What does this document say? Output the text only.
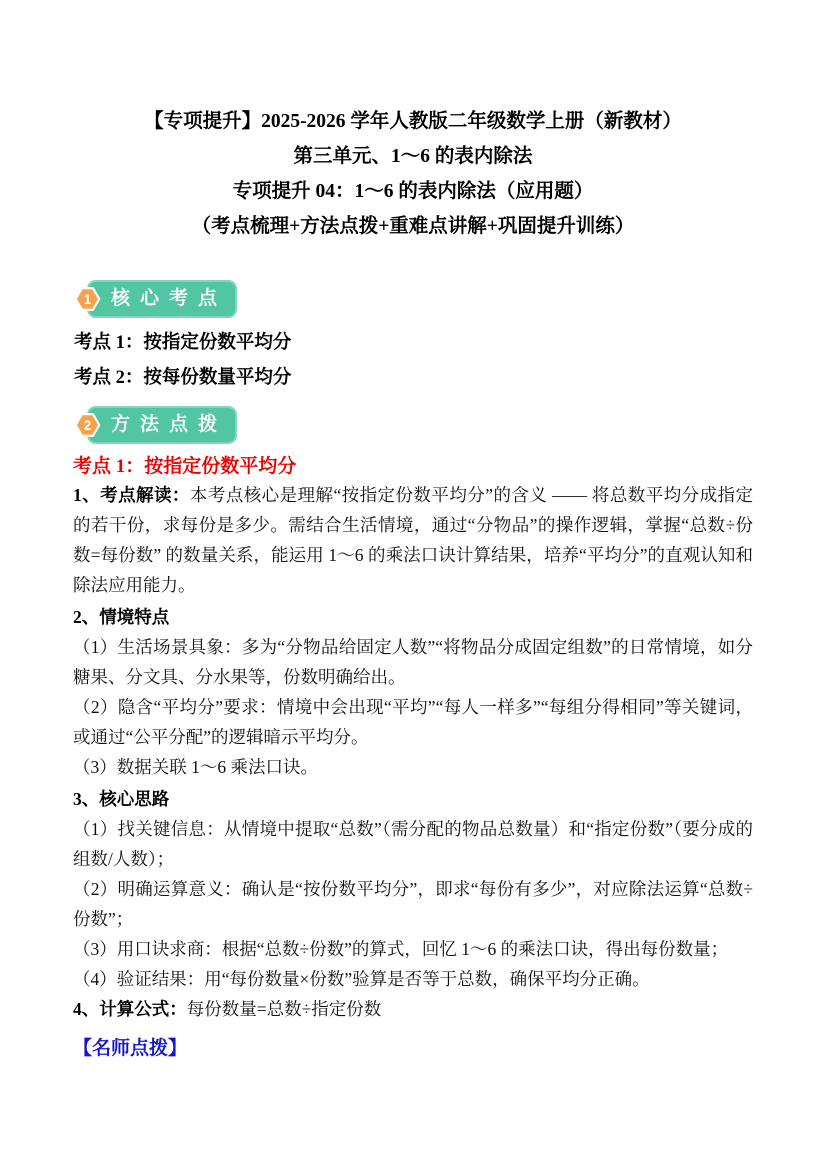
【专项提升】2025-2026 学年人教版二年级数学上册（新教材）
第三单元、1～6 的表内除法
专项提升 04：1～6 的表内除法（应用题）
（考点梳理+方法点拨+重难点讲解+巩固提升训练）
1 核心考点

考点 1：按指定份数平均分

考点 2：按每份数量平均分

2 方法点拨
考点 1：按指定份数平均分

1、考点解读：本考点核心是理解“按指定份数平均分”的含义 —— 将总数平均分成指定的若干份，求每份是多少。需结合生活情境，通过“分物品”的操作逻辑，掌握“总数÷份数=每份数” 的数量关系，能运用 1～6 的乘法口诀计算结果，培养“平均分”的直观认知和除法应用能力。

2、情境特点

（1）生活场景具象：多为“分物品给固定人数”“将物品分成固定组数”的日常情境，如分糖果、分文具、分水果等，份数明确给出。

（2）隐含“平均分”要求：情境中会出现“平均”“每人一样多”“每组分得相同”等关键词，或通过“公平分配”的逻辑暗示平均分。

（3）数据关联 1～6 乘法口诀。

3、核心思路

（1）找关键信息：从情境中提取“总数”（需分配的物品总数量）和“指定份数”（要分成的组数/人数）；

（2）明确运算意义：确认是“按份数平均分”，即求“每份有多少”，对应除法运算“总数÷份数”；

（3）用口诀求商：根据“总数÷份数”的算式，回忆 1～6 的乘法口诀，得出每份数量；

（4）验证结果：用“每份数量×份数”验算是否等于总数，确保平均分正确。

4、计算公式：每份数量=总数÷指定份数

【名师点拨】
